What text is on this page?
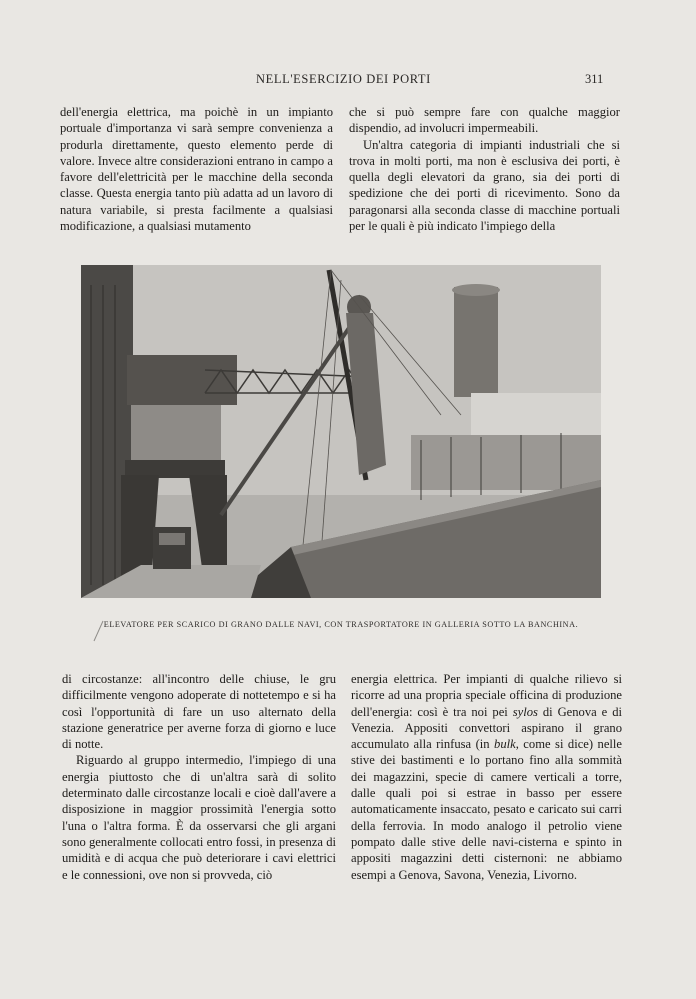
NELL'ESERCIZIO DEI PORTI	311

dell'energia elettrica, ma poichè in un impianto portuale d'importanza vi sarà sempre convenienza a produrla direttamente, questo elemento perde di valore. Invece altre considerazioni entrano in campo a favore dell'elettricità per le macchine della seconda classe. Questa energia tanto più adatta ad un lavoro di natura variabile, si presta facilmente a qualsiasi modificazione, a qualsiasi mutamento

che si può sempre fare con qualche maggior dispendio, ad involucri impermeabili.

Un'altra categoria di impianti industriali che si trova in molti porti, ma non è esclusiva dei porti, è quella degli elevatori da grano, sia dei porti di spedizione che dei porti di ricevimento. Sono da paragonarsi alla seconda classe di macchine portuali per le quali è più indicato l'impiego della

ELEVATORE PER SCARICO DI GRANO DALLE NAVI, CON TRASPORTATORE IN GALLERIA SOTTO LA BANCHINA.

di circostanze: all'incontro delle chiuse, le gru difficilmente vengono adoperate di nottetempo e si ha così l'opportunità di fare un uso alternato della stazione generatrice per averne forza di giorno e luce di notte.

Riguardo al gruppo intermedio, l'impiego di una energia piuttosto che di un'altra sarà di solito determinato dalle circostanze locali e cioè dall'avere a disposizione in maggior prossimità l'energia sotto l'una o l'altra forma. È da osservarsi che gli argani sono generalmente collocati entro fossi, in presenza di umidità e di acqua che può deteriorare i cavi elettrici e le connessioni, ove non si provveda, ciò

energia elettrica. Per impianti di qualche rilievo si ricorre ad una propria speciale officina di produzione dell'energia: così è tra noi pei sylos di Genova e di Venezia. Appositi convettori aspirano il grano accumulato alla rinfusa (in bulk, come si dice) nelle stive dei bastimenti e lo portano fino alla sommità dei magazzini, specie di camere verticali a torre, dalle quali poi si estrae in basso per essere automaticamente insaccato, pesato e caricato sui carri della ferrovia. In modo analogo il petrolio viene pompato dalle stive delle navi-cisterna e spinto in appositi magazzini detti cisternoni: ne abbiamo esempi a Genova, Savona, Venezia, Livorno.
